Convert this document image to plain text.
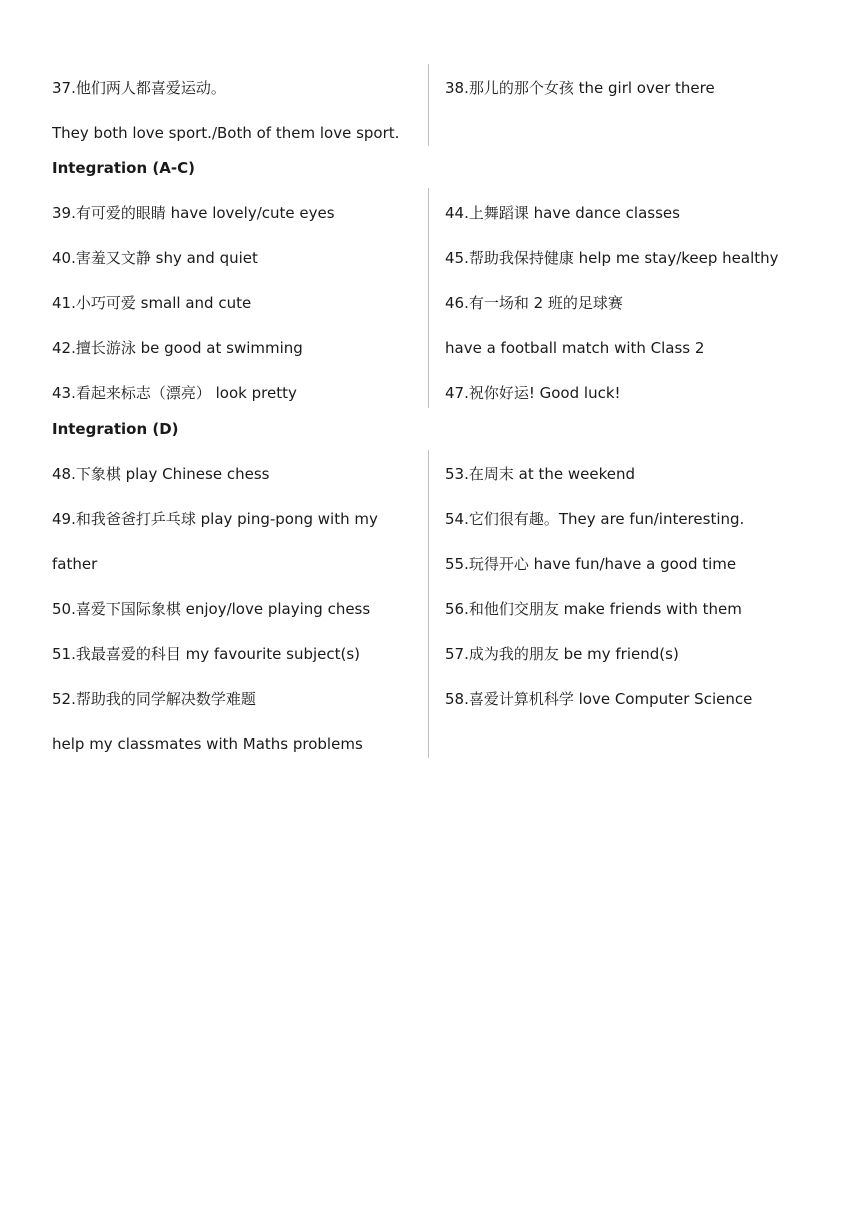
37.他们两人都喜爱运动。
They both love sport./Both of them love sport.
38.那儿的那个女孩 the girl over there
Integration (A-C)
39.有可爱的眼睛 have lovely/cute eyes
40.害羞又文静 shy and quiet
41.小巧可爱 small and cute
42.擅长游泳 be good at swimming
43.看起来标志（漂亮） look pretty
44.上舞蹈课 have dance classes
45.帮助我保持健康 help me stay/keep healthy
46.有一场和 2 班的足球赛
have a football match with Class 2
47.祝你好运! Good luck!
Integration (D)
48.下象棋 play Chinese chess
49.和我爸爸打乒乓球 play ping-pong with my
father
50.喜爱下国际象棋 enjoy/love playing chess
51.我最喜爱的科目 my favourite subject(s)
52.帮助我的同学解决数学难题
help my classmates with Maths problems
53.在周末 at the weekend
54.它们很有趣。They are fun/interesting.
55.玩得开心 have fun/have a good time
56.和他们交朋友 make friends with them
57.成为我的朋友 be my friend(s)
58.喜爱计算机科学 love Computer Science
